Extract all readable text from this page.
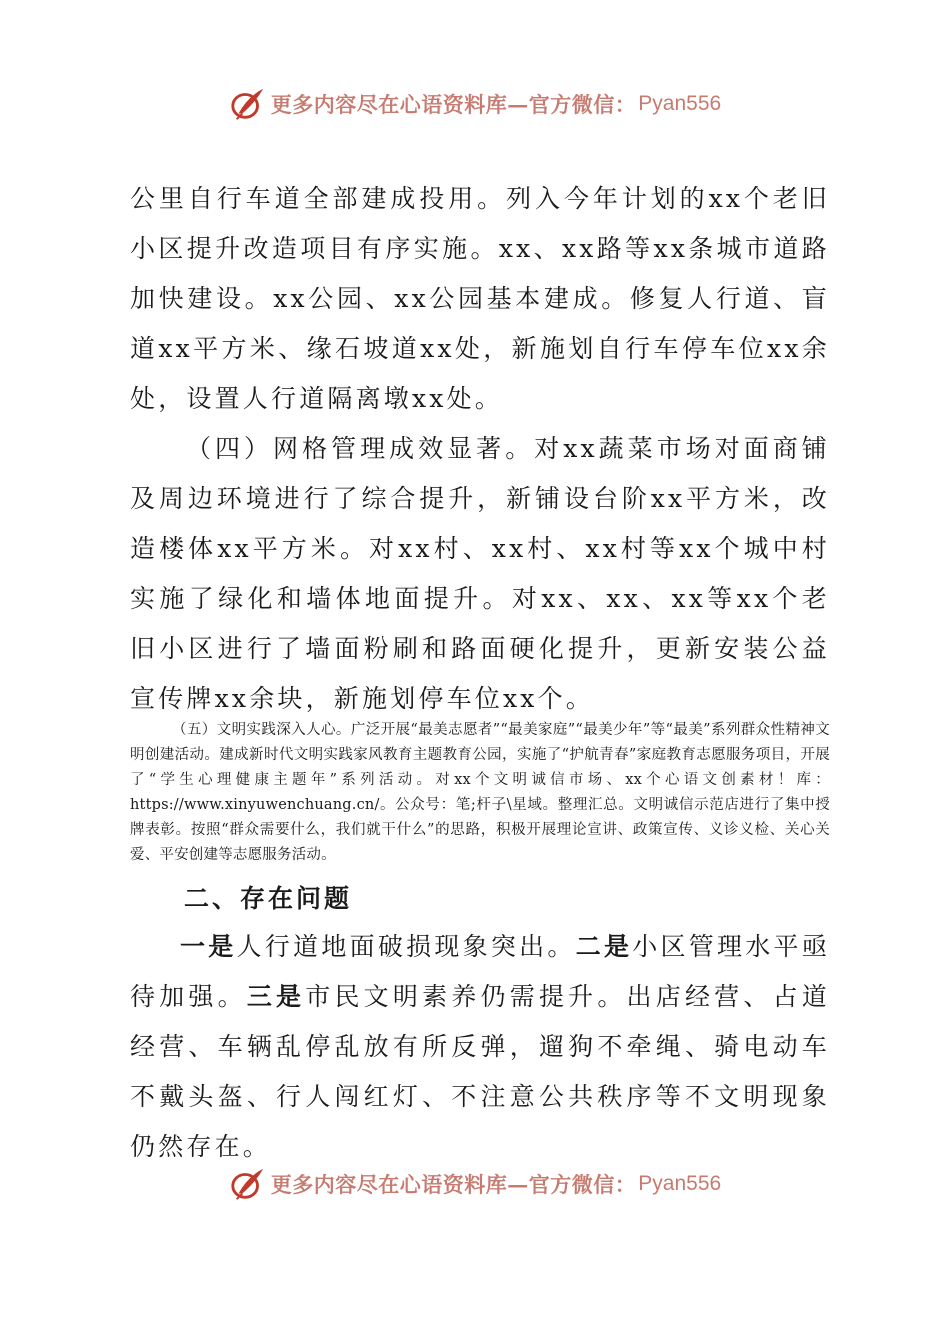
更多内容尽在心语资料库—官方微信： Pyan556

公里自行车道全部建成投用。列入今年计划的xx个老旧小区提升改造项目有序实施。xx、xx路等xx条城市道路加快建设。xx公园、xx公园基本建成。修复人行道、盲道xx平方米、缘石坡道xx处，新施划自行车停车位xx余处，设置人行道隔离墩xx处。

（四）网格管理成效显著。对xx蔬菜市场对面商铺及周边环境进行了综合提升，新铺设台阶xx平方米，改造楼体xx平方米。对xx村、xx村、xx村等xx个城中村实施了绿化和墙体地面提升。对xx、xx、xx等xx个老旧小区进行了墙面粉刷和路面硬化提升，更新安装公益宣传牌xx余块，新施划停车位xx个。

（五）文明实践深入人心。广泛开展“最美志愿者”“最美家庭”“最美少年”等“最美”系列群众性精神文明创建活动。建成新时代文明实践家风教育主题教育公园，实施了“护航青春”家庭教育志愿服务项目，开展了“学生心理健康主题年”系列活动。对xx个文明诚信市场、xx个心语文创素材！库：https://www.xinyuwenchuang.cn/。公众号：笔;杆子\星域。整理汇总。文明诚信示范店进行了集中授牌表彰。按照“群众需要什么，我们就干什么”的思路，积极开展理论宣讲、政策宣传、义诊义检、关心关爱、平安创建等志愿服务活动。

二、存在问题

一是人行道地面破损现象突出。二是小区管理水平亟待加强。三是市民文明素养仍需提升。出店经营、占道经营、车辆乱停乱放有所反弹，遛狗不牵绳、骑电动车不戴头盔、行人闯红灯、不注意公共秩序等不文明现象仍然存在。

更多内容尽在心语资料库—官方微信： Pyan556
